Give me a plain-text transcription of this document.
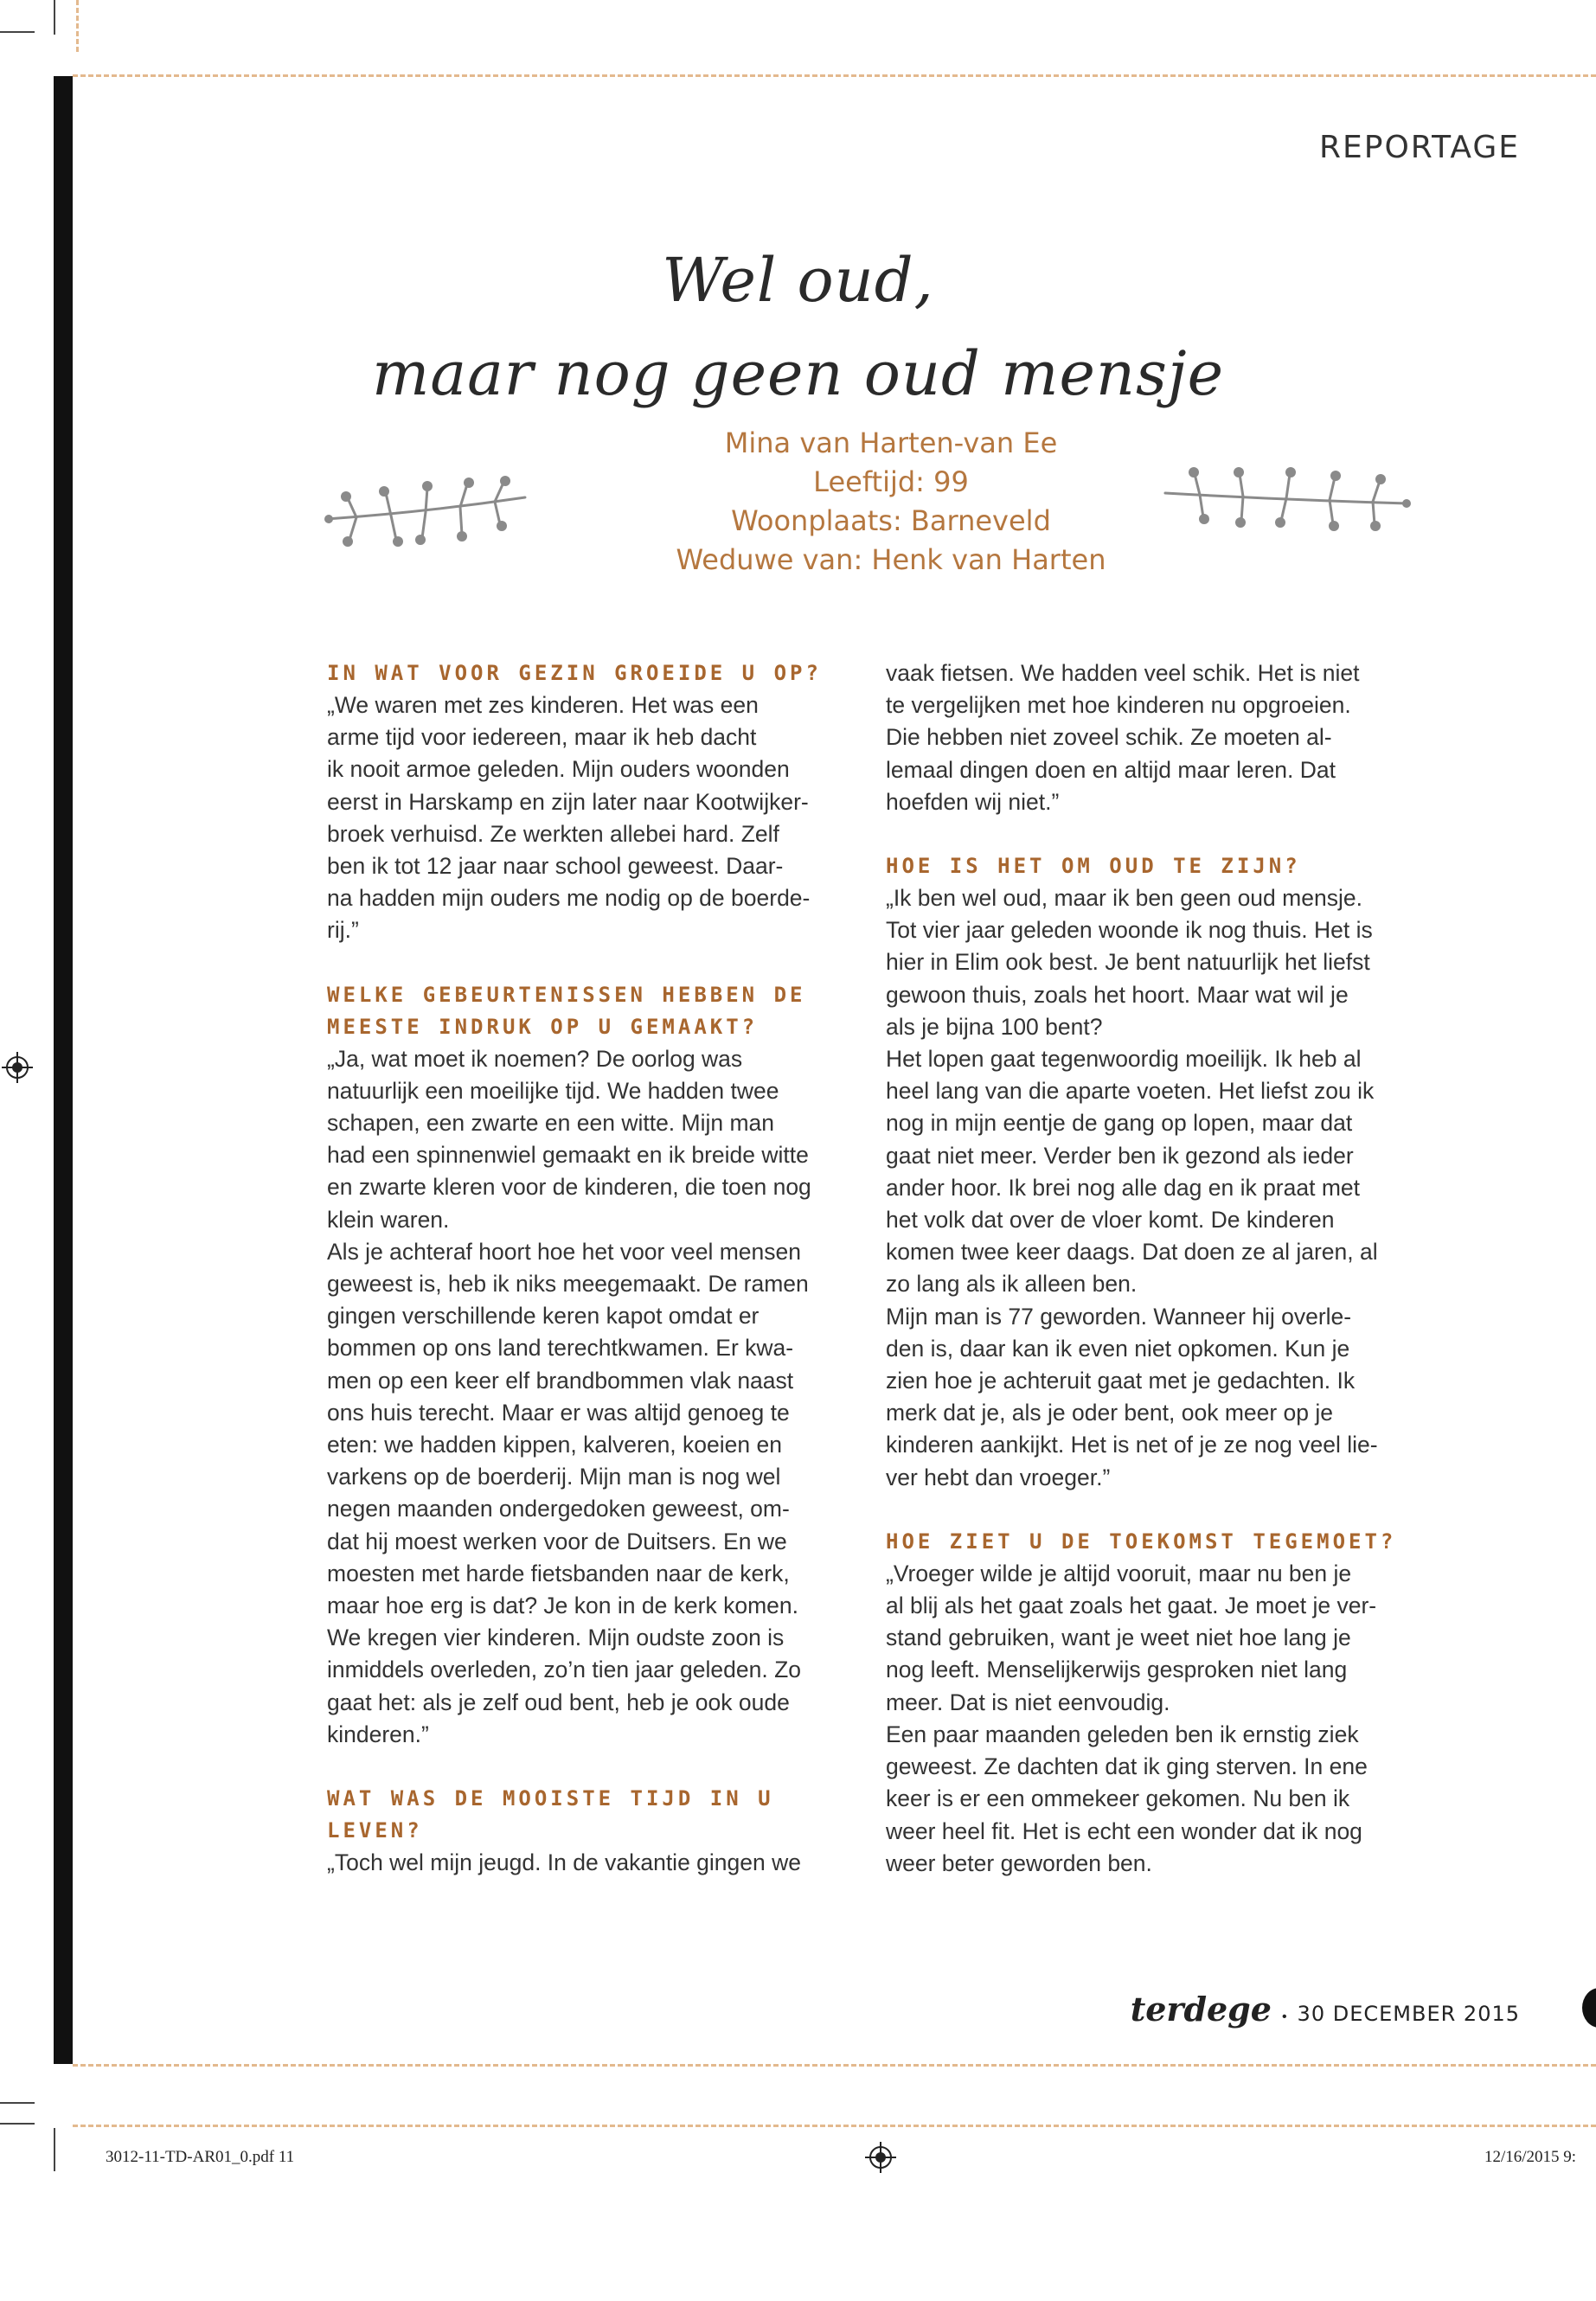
REPORTAGE
Wel oud,
maar nog geen oud mensje
Mina van Harten-van Ee
Leeftijd: 99
Woonplaats: Barneveld
Weduwe van: Henk van Harten

IN WAT VOOR GEZIN GROEIDE U OP?

„We waren met zes kinderen. Het was een
arme tijd voor iedereen, maar ik heb dacht
ik nooit armoe geleden. Mijn ouders woonden
eerst in Harskamp en zijn later naar Kootwijker-
broek verhuisd. Ze werkten allebei hard. Zelf
ben ik tot 12 jaar naar school geweest. Daar-
na hadden mijn ouders me nodig op de boerde-
rij.”

WELKE GEBEURTENISSEN HEBBEN DE MEESTE INDRUK OP U GEMAAKT?

„Ja, wat moet ik noemen? De oorlog was
natuurlijk een moeilijke tijd. We hadden twee
schapen, een zwarte en een witte. Mijn man
had een spinnenwiel gemaakt en ik breide witte
en zwarte kleren voor de kinderen, die toen nog
klein waren.
Als je achteraf hoort hoe het voor veel mensen
geweest is, heb ik niks meegemaakt. De ramen
gingen verschillende keren kapot omdat er
bommen op ons land terechtkwamen. Er kwa-
men op een keer elf brandbommen vlak naast
ons huis terecht. Maar er was altijd genoeg te
eten: we hadden kippen, kalveren, koeien en
varkens op de boerderij. Mijn man is nog wel
negen maanden ondergedoken geweest, om-
dat hij moest werken voor de Duitsers. En we
moesten met harde fietsbanden naar de kerk,
maar hoe erg is dat? Je kon in de kerk komen.
We kregen vier kinderen. Mijn oudste zoon is
inmiddels overleden, zo’n tien jaar geleden. Zo
gaat het: als je zelf oud bent, heb je ook oude
kinderen.”

WAT WAS DE MOOISTE TIJD IN U LEVEN?

„Toch wel mijn jeugd. In de vakantie gingen we

vaak fietsen. We hadden veel schik. Het is niet
te vergelijken met hoe kinderen nu opgroeien.
Die hebben niet zoveel schik. Ze moeten al-
lemaal dingen doen en altijd maar leren. Dat
hoefden wij niet.”

HOE IS HET OM OUD TE ZIJN?

„Ik ben wel oud, maar ik ben geen oud mensje.
Tot vier jaar geleden woonde ik nog thuis. Het is
hier in Elim ook best. Je bent natuurlijk het liefst
gewoon thuis, zoals het hoort. Maar wat wil je
als je bijna 100 bent?
Het lopen gaat tegenwoordig moeilijk. Ik heb al
heel lang van die aparte voeten. Het liefst zou ik
nog in mijn eentje de gang op lopen, maar dat
gaat niet meer. Verder ben ik gezond als ieder
ander hoor. Ik brei nog alle dag en ik praat met
het volk dat over de vloer komt. De kinderen
komen twee keer daags. Dat doen ze al jaren, al
zo lang als ik alleen ben.
Mijn man is 77 geworden. Wanneer hij overle-
den is, daar kan ik even niet opkomen. Kun je
zien hoe je achteruit gaat met je gedachten. Ik
merk dat je, als je oder bent, ook meer op je
kinderen aankijkt. Het is net of je ze nog veel lie-
ver hebt dan vroeger.”

HOE ZIET U DE TOEKOMST TEGEMOET?

„Vroeger wilde je altijd vooruit, maar nu ben je
al blij als het gaat zoals het gaat. Je moet je ver-
stand gebruiken, want je weet niet hoe lang je
nog leeft. Menselijkerwijs gesproken niet lang
meer. Dat is niet eenvoudig.
Een paar maanden geleden ben ik ernstig ziek
geweest. Ze dachten dat ik ging sterven. In ene
keer is er een ommekeer gekomen. Nu ben ik
weer heel fit. Het is echt een wonder dat ik nog
weer beter geworden ben.

terdege • 30 DECEMBER 2015
3012-11-TD-AR01_0.pdf 11	12/16/2015 9:
